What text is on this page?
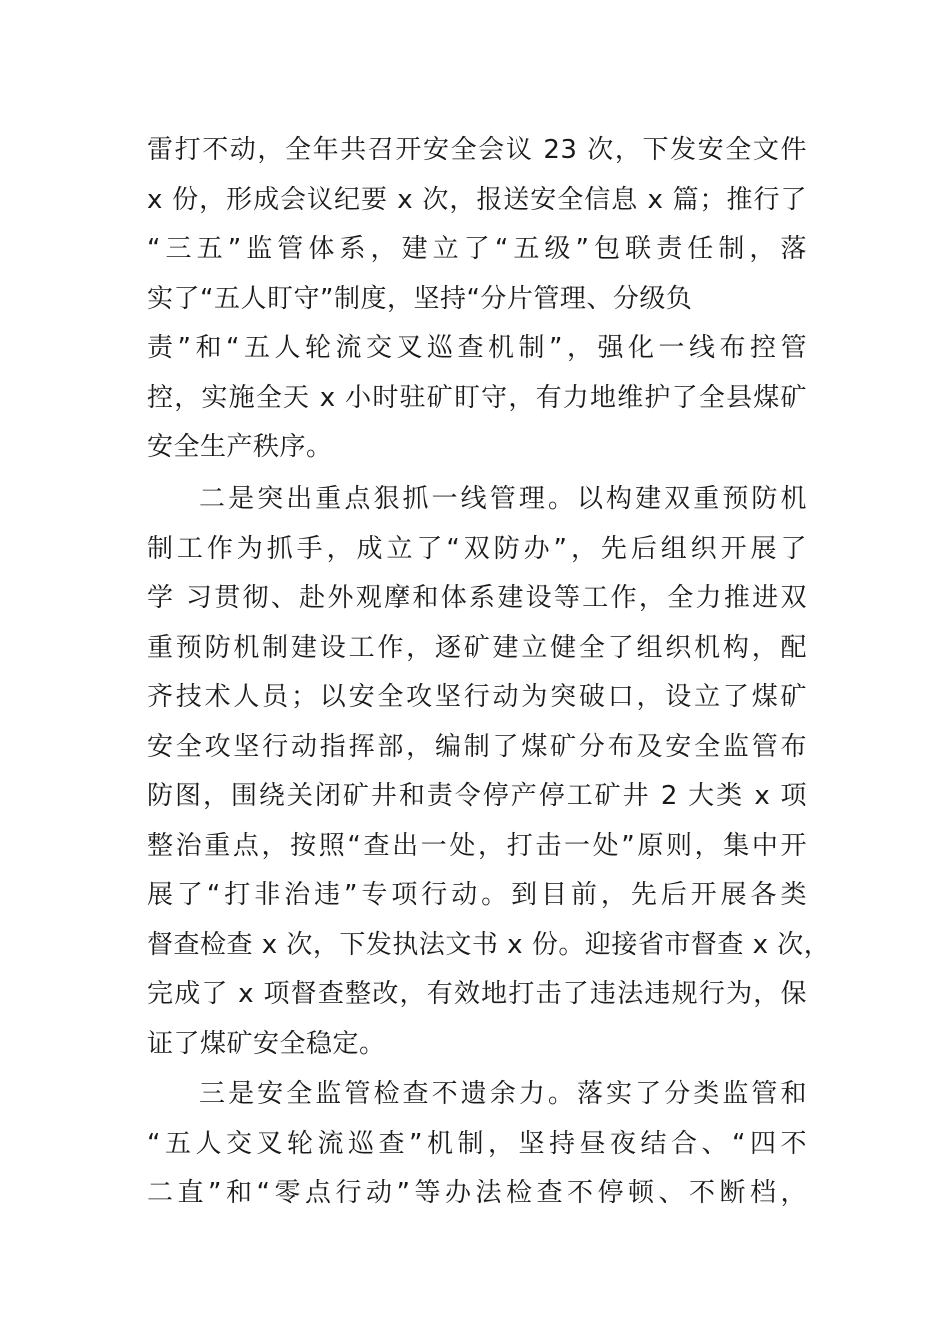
雷打不动，全年共召开安全会议 23 次，下发安全文件
x 份，形成会议纪要 x 次，报送安全信息 x 篇；推行了
“三五”监管体系，建立了“五级”包联责任制，落
实了“五人盯守”制度，坚持“分片管理、分级负
责”和“五人轮流交叉巡查机制”，强化一线布控管
控，实施全天 x 小时驻矿盯守，有力地维护了全县煤矿
安全生产秩序。
二是突出重点狠抓一线管理。以构建双重预防机
制工作为抓手，成立了“双防办”，先后组织开展了
学 习贯彻、赴外观摩和体系建设等工作，全力推进双
重预防机制建设工作，逐矿建立健全了组织机构，配
齐技术人员；以安全攻坚行动为突破口，设立了煤矿
安全攻坚行动指挥部，编制了煤矿分布及安全监管布
防图，围绕关闭矿井和责令停产停工矿井 2 大类 x 项
整治重点，按照“查出一处，打击一处”原则，集中开
展了“打非治违”专项行动。到目前，先后开展各类
督查检查 x 次，下发执法文书 x 份。迎接省市督查 x 次，
完成了 x 项督查整改，有效地打击了违法违规行为，保
证了煤矿安全稳定。
三是安全监管检查不遗余力。落实了分类监管和
“五人交叉轮流巡查”机制，坚持昼夜结合、“四不
二直”和“零点行动”等办法检查不停顿、不断档，
